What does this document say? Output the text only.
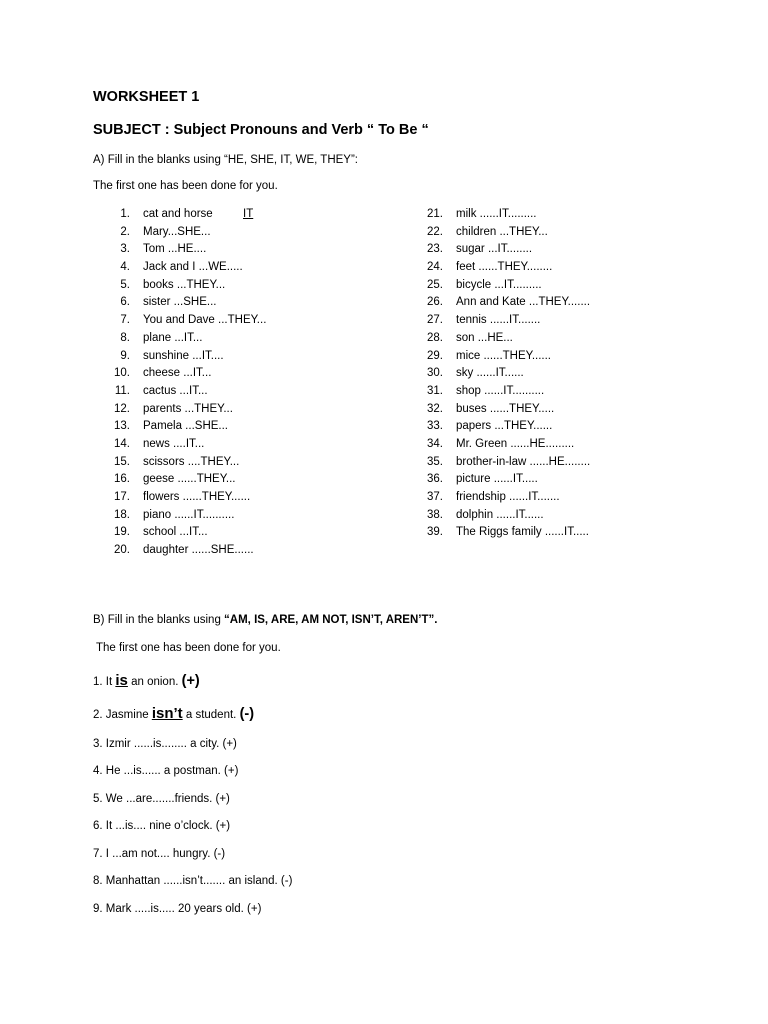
WORKSHEET 1
SUBJECT : Subject Pronouns and Verb “ To Be “
A) Fill in the blanks using “HE, SHE, IT, WE, THEY”:
The first one has been done for you.
1. cat and horse	IT
2. Mary...SHE...
3. Tom ...HE....
4. Jack and I ...WE.....
5. books ...THEY...
6. sister ...SHE...
7. You and Dave ...THEY...
8. plane ...IT...
9. sunshine ...IT....
10. cheese ...IT...
11. cactus ...IT...
12. parents ...THEY...
13. Pamela ...SHE...
14. news ....IT...
15. scissors ....THEY...
16. geese ......THEY...
17. flowers ......THEY......
18. piano ......IT..........
19. school ...IT...
20. daughter ......SHE......
21. milk ......IT.........
22. children ...THEY...
23. sugar ...IT........
24. feet ......THEY........
25. bicycle ...IT.........
26. Ann and Kate ...THEY.......
27. tennis ......IT.......
28. son ...HE...
29. mice ......THEY......
30. sky ......IT......
31. shop ......IT..........
32. buses ......THEY.....
33. papers ...THEY......
34. Mr. Green ......HE.........
35. brother-in-law ......HE........
36. picture ......IT.....
37. friendship ......IT.......
38. dolphin ......IT......
39. The Riggs family ......IT.....
B) Fill in the blanks using “AM, IS, ARE, AM NOT, ISN’T, AREN’T”.
The first one has been done for you.
1. It is an onion. (+)
2. Jasmine isn’t a student. (-)
3. Izmir ......is........ a city. (+)
4. He ...is...... a postman. (+)
5. We ...are.......friends. (+)
6. It ...is.... nine o’clock. (+)
7. I ...am not.... hungry. (-)
8. Manhattan ......isn’t....... an island. (-)
9. Mark .....is..... 20 years old. (+)
